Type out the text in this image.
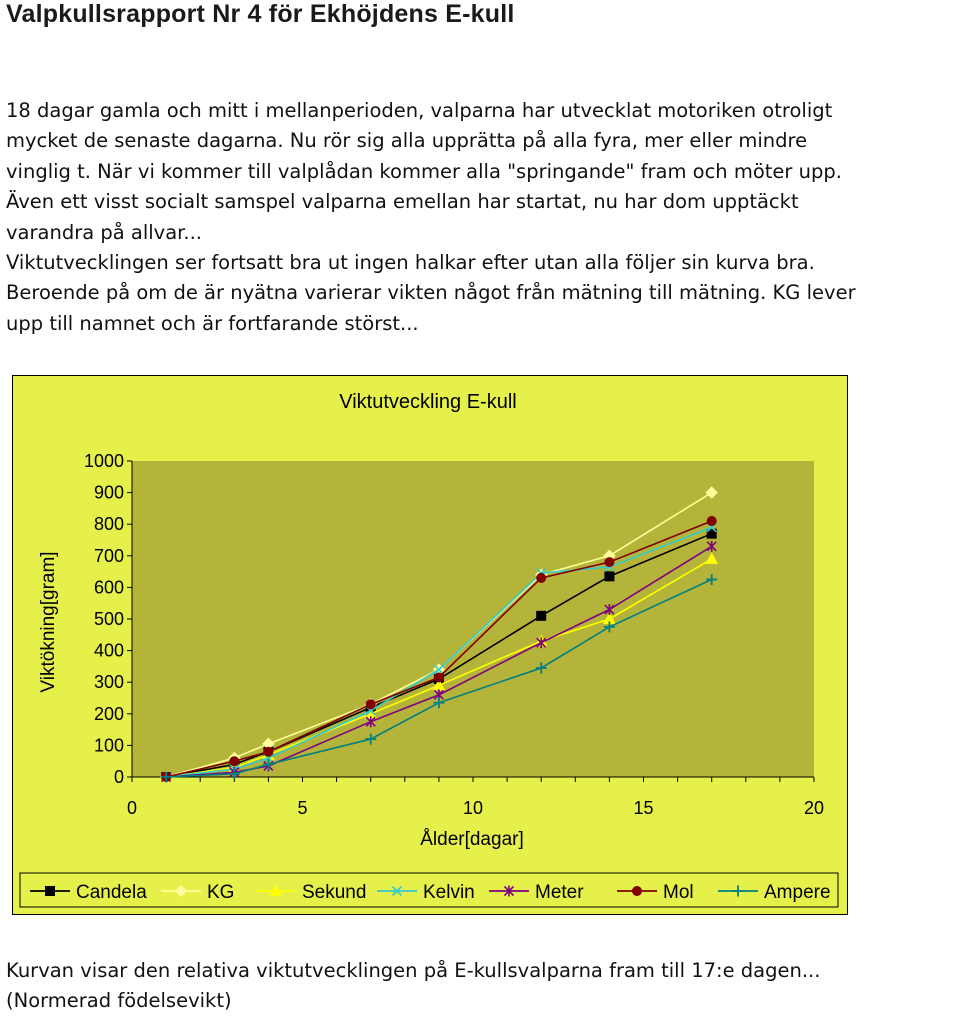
Valpkullsrapport Nr 4 för Ekhöjdens E-kull
18 dagar gamla och mitt i mellanperioden, valparna har utvecklat motoriken otroligt
mycket de senaste dagarna. Nu rör sig alla upprätta på alla fyra, mer eller mindre
vinglig t. När vi kommer till valplådan kommer alla "springande" fram och möter upp.
Även ett visst socialt samspel valparna emellan har startat, nu har dom upptäckt
varandra på allvar...
Viktutvecklingen ser fortsatt bra ut ingen halkar efter utan alla följer sin kurva bra.
Beroende på om de är nyätna varierar vikten något från mätning till mätning. KG lever
upp till namnet och är fortfarande störst...
Viktutveckling E-kull
Viktökning[gram]
Ålder[dagar]
0
100
200
300
400
500
600
700
800
900
1000
0	5	10	15	20
Candela	KG	Sekund	Kelvin	Meter	Mol	Ampere
Kurvan visar den relativa viktutvecklingen på E-kullsvalparna fram till 17:e dagen...
(Normerad födelsevikt)
